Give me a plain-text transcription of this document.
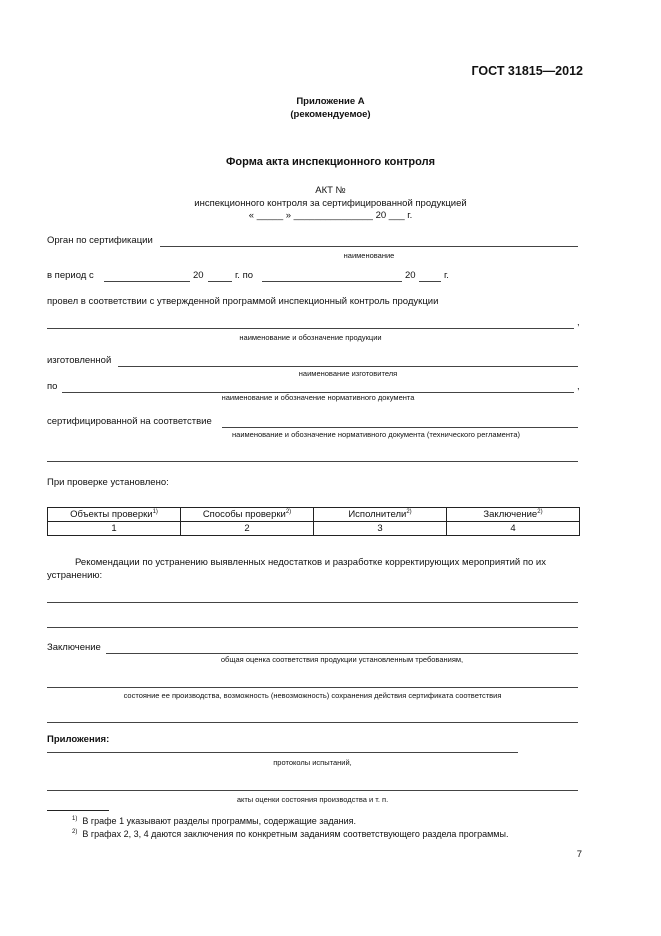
ГОСТ 31815—2012
Приложение А
(рекомендуемое)
Форма акта инспекционного контроля
АКТ №
инспекционного контроля за сертифицированной продукцией
« _____ » _______________ 20 ___ г.
Орган по сертификации
наименование
в период с	20	г. по	20	г.
провел в соответствии с утвержденной программой инспекционный контроль продукции
,
наименование и обозначение продукции
изготовленной
наименование изготовителя
по	,
наименование и обозначение нормативного документа
сертифицированной на соответствие
наименование и обозначение нормативного документа (технического регламента)
При проверке установлено:
Объекты проверки$^{1)}$	Способы проверки$^{2)}$	Исполнители$^{2)}$	Заключение$^{2)}$
1	2	3	4
Рекомендации по устранению выявленных недостатков и разработке корректирующих мероприятий по их
устранению:
Заключение
общая оценка соответствия продукции установленным требованиям,
состояние ее производства, возможность (невозможность) сохранения действия сертификата соответствия
Приложения:
протоколы испытаний,
акты оценки состояния производства и т. п.
$^{1)}$ В графе 1 указывают разделы программы, содержащие задания.
$^{2)}$ В графах 2, 3, 4 даются заключения по конкретным заданиям соответствующего раздела программы.
7
